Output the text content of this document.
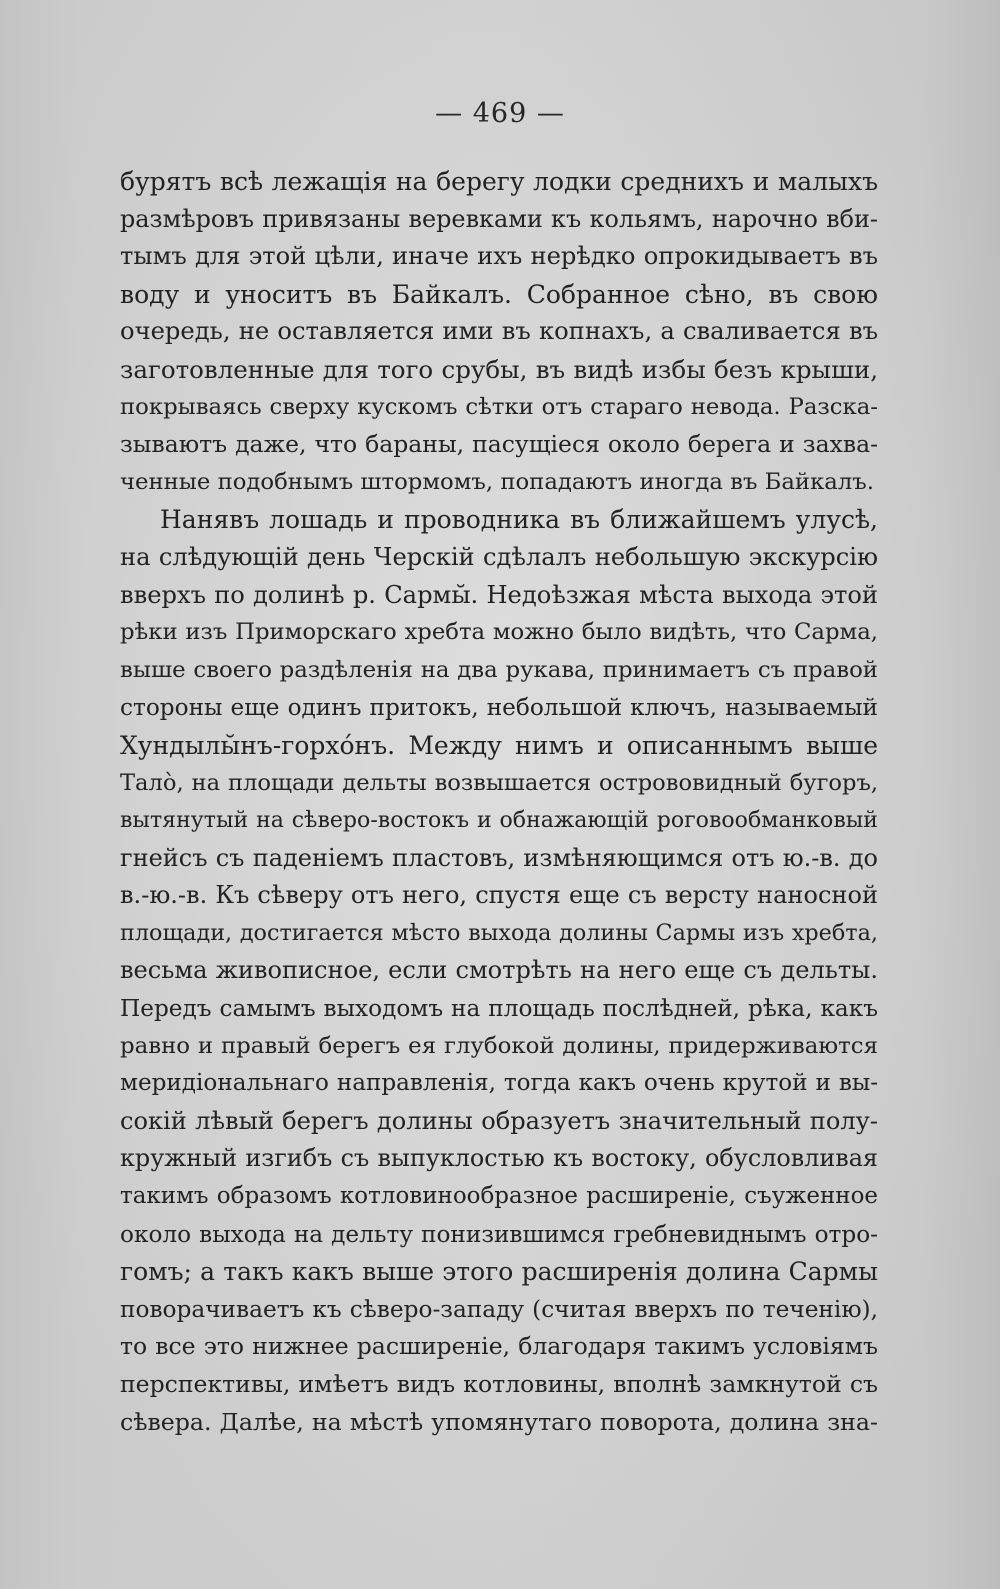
— 469 —
бурятъ всѣ лежащія на берегу лодки среднихъ и малыхъ
размѣровъ привязаны веревками къ кольямъ, нарочно вби-
тымъ для этой цѣли, иначе ихъ нерѣдко опрокидываетъ въ
воду и уноситъ въ Байкалъ. Собранное сѣно, въ свою
очередь, не оставляется ими въ копнахъ, а сваливается въ
заготовленные для того срубы, въ видѣ избы безъ крыши,
покрываясь сверху кускомъ сѣтки отъ стараго невода. Разска-
зываютъ даже, что бараны, пасущіеся около берега и захва-
ченные подобнымъ штормомъ, попадаютъ иногда въ Байкалъ.
Нанявъ лошадь и проводника въ ближайшемъ улусѣ,
на слѣдующій день Черскій сдѣлалъ небольшую экскурсію
вверхъ по долинѣ р. Сармы̆. Недоѣзжая мѣста выхода этой
рѣки изъ Приморскаго хребта можно было видѣть, что Сарма,
выше своего раздѣленія на два рукава, принимаетъ съ правой
стороны еще одинъ притокъ, небольшой ключъ, называемый
Хундылы̆нъ-горхо́нъ. Между нимъ и описаннымъ выше
Тало̀, на площади дельты возвышается острововидный бугоръ,
вытянутый на сѣверо-востокъ и обнажающій роговообманковый
гнейсъ съ паденіемъ пластовъ, измѣняющимся отъ ю.-в. до
в.-ю.-в. Къ сѣверу отъ него, спустя еще съ версту наносной
площади, достигается мѣсто выхода долины Сармы изъ хребта,
весьма живописное, если смотрѣть на него еще съ дельты.
Передъ самымъ выходомъ на площадь послѣдней, рѣка, какъ
равно и правый берегъ ея глубокой долины, придерживаются
меридіональнаго направленія, тогда какъ очень крутой и вы-
сокій лѣвый берегъ долины образуетъ значительный полу-
кружный изгибъ съ выпуклостью къ востоку, обусловливая
такимъ образомъ котловинообразное расширеніе, съуженное
около выхода на дельту понизившимся гребневиднымъ отро-
гомъ; а такъ какъ выше этого расширенія долина Сармы
поворачиваетъ къ сѣверо-западу (считая вверхъ по теченію),
то все это нижнее расширеніе, благодаря такимъ условіямъ
перспективы, имѣетъ видъ котловины, вполнѣ замкнутой съ
сѣвера. Далѣе, на мѣстѣ упомянутаго поворота, долина зна-
